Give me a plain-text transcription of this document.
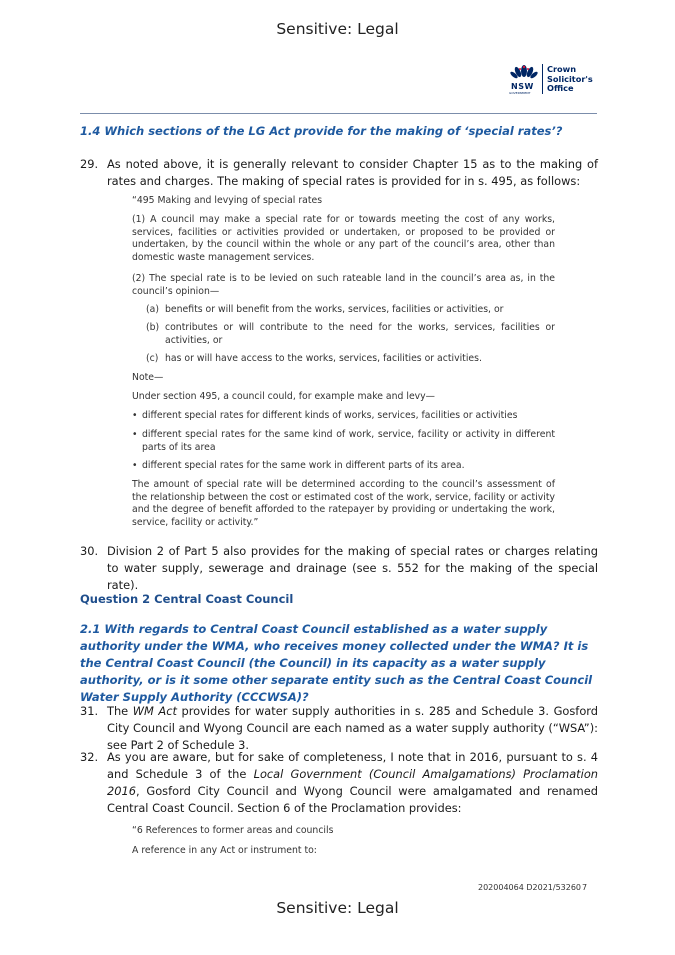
Sensitive: Legal
NSW
GOVERNMENT
Crown
Solicitor's
Office
1.4 Which sections of the LG Act provide for the making of ‘special rates’?
29. As noted above, it is generally relevant to consider Chapter 15 as to the making of rates and charges. The making of special rates is provided for in s. 495, as follows:
“495 Making and levying of special rates
(1) A council may make a special rate for or towards meeting the cost of any works, services, facilities or activities provided or undertaken, or proposed to be provided or undertaken, by the council within the whole or any part of the council’s area, other than domestic waste management services.
(2) The special rate is to be levied on such rateable land in the council’s area as, in the council’s opinion—
(a) benefits or will benefit from the works, services, facilities or activities, or
(b) contributes or will contribute to the need for the works, services, facilities or activities, or
(c) has or will have access to the works, services, facilities or activities.
Note—
Under section 495, a council could, for example make and levy—
• different special rates for different kinds of works, services, facilities or activities
• different special rates for the same kind of work, service, facility or activity in different parts of its area
• different special rates for the same work in different parts of its area.
The amount of special rate will be determined according to the council’s assessment of the relationship between the cost or estimated cost of the work, service, facility or activity and the degree of benefit afforded to the ratepayer by providing or undertaking the work, service, facility or activity.”
30. Division 2 of Part 5 also provides for the making of special rates or charges relating to water supply, sewerage and drainage (see s. 552 for the making of the special rate).
Question 2 Central Coast Council
2.1 With regards to Central Coast Council established as a water supply authority under the WMA, who receives money collected under the WMA? It is the Central Coast Council (the Council) in its capacity as a water supply authority, or is it some other separate entity such as the Central Coast Council Water Supply Authority (CCCWSA)?
31. The WM Act provides for water supply authorities in s. 285 and Schedule 3. Gosford City Council and Wyong Council are each named as a water supply authority (“WSA”): see Part 2 of Schedule 3.
32. As you are aware, but for sake of completeness, I note that in 2016, pursuant to s. 4 and Schedule 3 of the Local Government (Council Amalgamations) Proclamation 2016, Gosford City Council and Wyong Council were amalgamated and renamed Central Coast Council. Section 6 of the Proclamation provides:
“6 References to former areas and councils
A reference in any Act or instrument to:
202004064 D2021/53260 7
Sensitive: Legal
